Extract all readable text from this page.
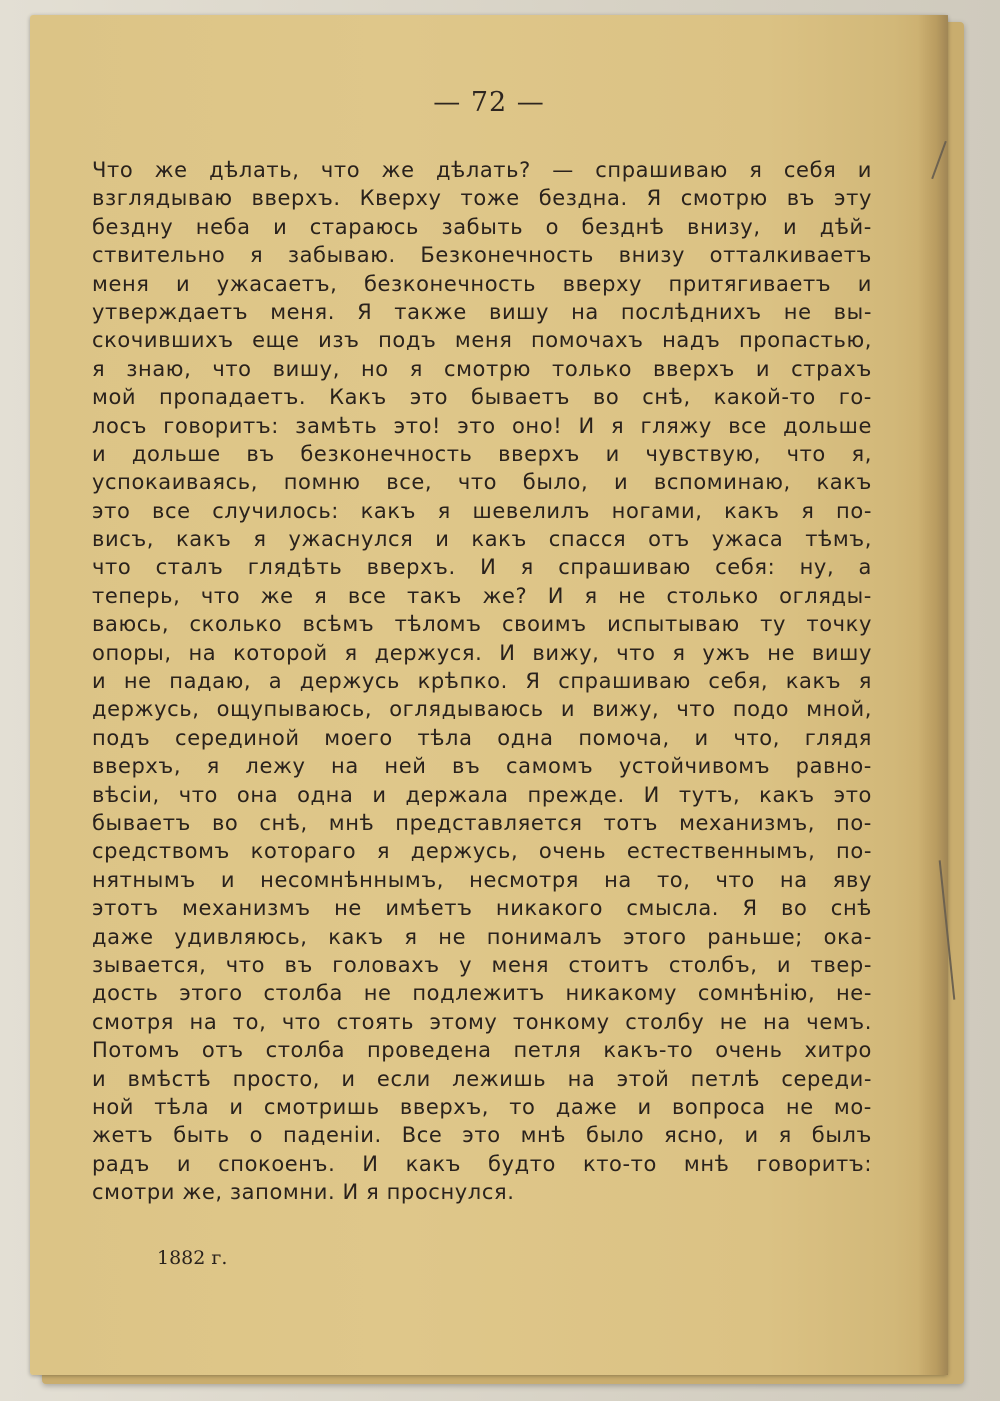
— 72 —
Что же дѣлать, что же дѣлать? — спрашиваю я себя и
взглядываю вверхъ. Кверху тоже бездна. Я смотрю въ эту
бездну неба и стараюсь забыть о безднѣ внизу, и дѣй-
ствительно я забываю. Безконечность внизу отталкиваетъ
меня и ужасаетъ, безконечность вверху притягиваетъ и
утверждаетъ меня. Я также вишу на послѣднихъ не вы-
скочившихъ еще изъ подъ меня помочахъ надъ пропастью,
я знаю, что вишу, но я смотрю только вверхъ и страхъ
мой пропадаетъ. Какъ это бываетъ во снѣ, какой-то го-
лосъ говоритъ: замѣть это! это оно! И я гляжу все дольше
и дольше въ безконечность вверхъ и чувствую, что я,
успокаиваясь, помню все, что было, и вспоминаю, какъ
это все случилось: какъ я шевелилъ ногами, какъ я по-
висъ, какъ я ужаснулся и какъ спасся отъ ужаса тѣмъ,
что сталъ глядѣть вверхъ. И я спрашиваю себя: ну, а
теперь, что же я все такъ же? И я не столько огляды-
ваюсь, сколько всѣмъ тѣломъ своимъ испытываю ту точку
опоры, на которой я держуся. И вижу, что я ужъ не вишу
и не падаю, а держусь крѣпко. Я спрашиваю себя, какъ я
держусь, ощупываюсь, оглядываюсь и вижу, что подо мной,
подъ серединой моего тѣла одна помоча, и что, глядя
вверхъ, я лежу на ней въ самомъ устойчивомъ равно-
вѣсіи, что она одна и держала прежде. И тутъ, какъ это
бываетъ во снѣ, мнѣ представляется тотъ механизмъ, по-
средствомъ котораго я держусь, очень естественнымъ, по-
нятнымъ и несомнѣннымъ, несмотря на то, что на яву
этотъ механизмъ не имѣетъ никакого смысла. Я во снѣ
даже удивляюсь, какъ я не понималъ этого раньше; ока-
зывается, что въ головахъ у меня стоитъ столбъ, и твер-
дость этого столба не подлежитъ никакому сомнѣнію, не-
смотря на то, что стоять этому тонкому столбу не на чемъ.
Потомъ отъ столба проведена петля какъ-то очень хитро
и вмѣстѣ просто, и если лежишь на этой петлѣ середи-
ной тѣла и смотришь вверхъ, то даже и вопроса не мо-
жетъ быть о паденіи. Все это мнѣ было ясно, и я былъ
радъ и спокоенъ. И какъ будто кто-то мнѣ говоритъ:
смотри же, запомни. И я проснулся.
1882 г.
